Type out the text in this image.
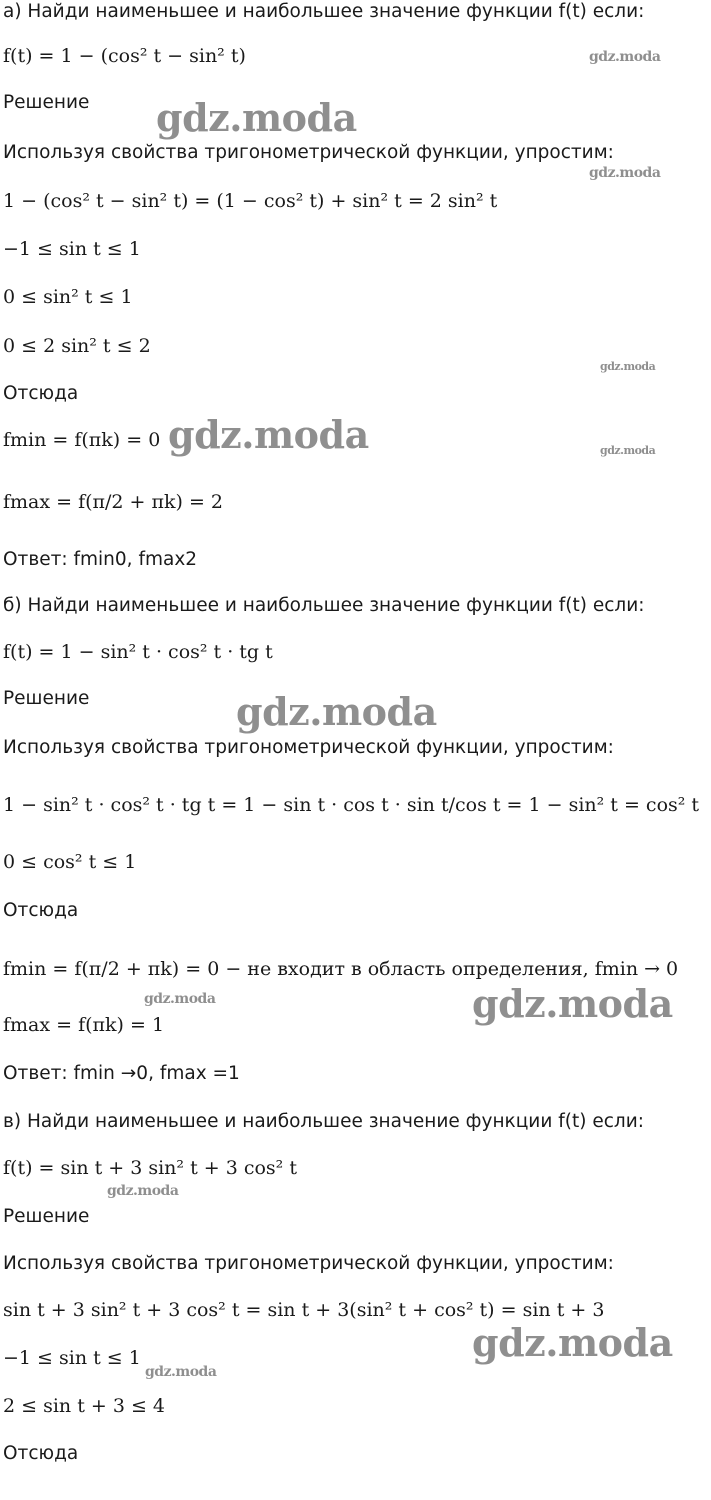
а) Найди наименьшее и наибольшее значение функции f(t) если:
f(t) = 1 − (cos² t − sin² t)
Решение
Используя свойства тригонометрической функции, упростим:
1 − (cos² t − sin² t) = (1 − cos² t) + sin² t = 2 sin² t
−1 ≤ sin t ≤ 1
0 ≤ sin² t ≤ 1
0 ≤ 2 sin² t ≤ 2
Отсюда
fmin = f(πk) = 0
fmax = f(π/2 + πk) = 2
Ответ: fmin0, fmax2
б) Найди наименьшее и наибольшее значение функции f(t) если:
f(t) = 1 − sin² t · cos² t · tg t
Решение
Используя свойства тригонометрической функции, упростим:
1 − sin² t · cos² t · tg t = 1 − sin t · cos t · sin t/cos t = 1 − sin² t = cos² t
0 ≤ cos² t ≤ 1
Отсюда
fmin = f(π/2 + πk) = 0 − не входит в область определения, fmin → 0
fmax = f(πk) = 1
Ответ: fmin →0, fmax =1
в) Найди наименьшее и наибольшее значение функции f(t) если:
f(t) = sin t + 3 sin² t + 3 cos² t
Решение
Используя свойства тригонометрической функции, упростим:
sin t + 3 sin² t + 3 cos² t = sin t + 3(sin² t + cos² t) = sin t + 3
−1 ≤ sin t ≤ 1
2 ≤ sin t + 3 ≤ 4
Отсюда
gdz.moda
gdz.moda
gdz.moda
gdz.moda
gdz.moda	gdz.moda
gdz.moda
gdz.moda	gdz.moda
gdz.moda
gdz.moda
gdz.moda
